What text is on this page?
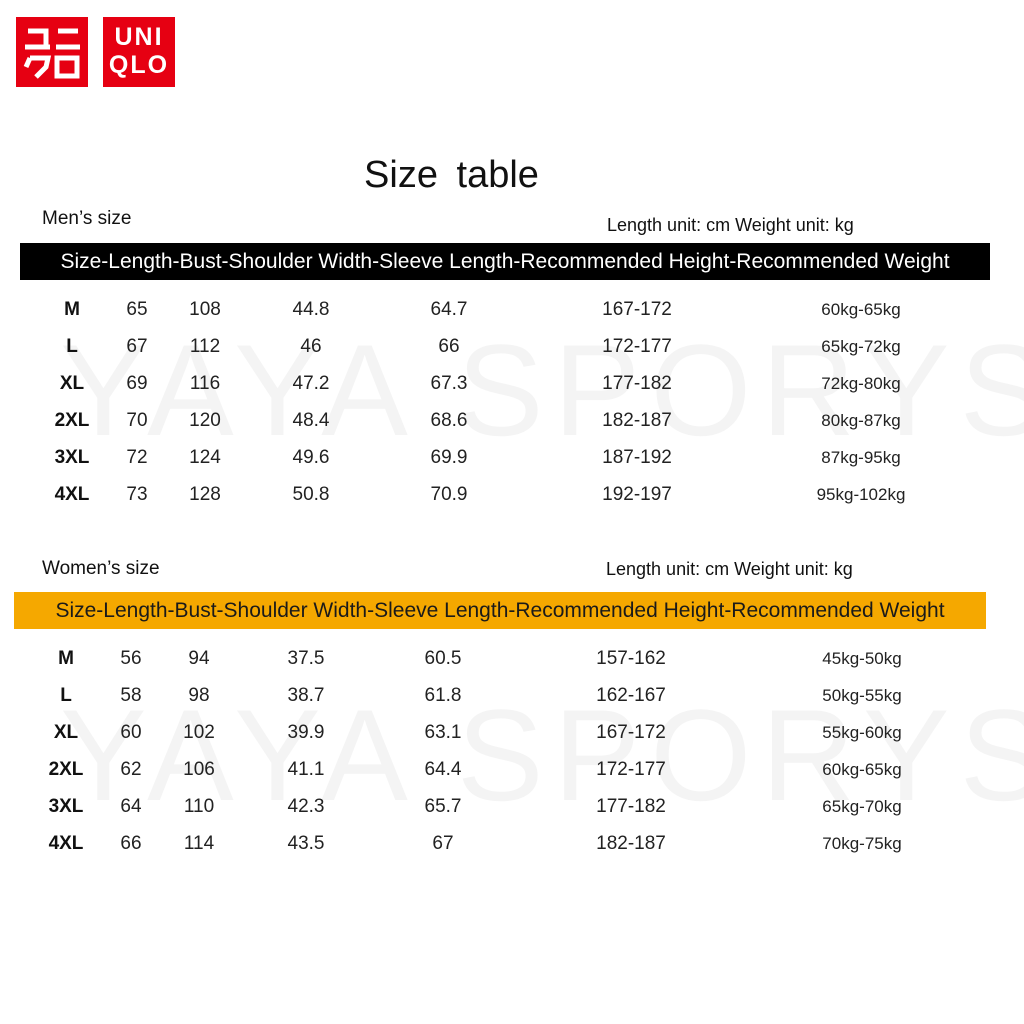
UNI
QLO
Size table
Men’s size	Length unit: cm Weight unit: kg
Size-Length-Bust-Shoulder Width-Sleeve Length-Recommended Height-Recommended Weight
M	65	108	44.8	64.7	167-172	60kg-65kg
L	67	112	46	66	172-177	65kg-72kg
XL	69	116	47.2	67.3	177-182	72kg-80kg
2XL	70	120	48.4	68.6	182-187	80kg-87kg
3XL	72	124	49.6	69.9	187-192	87kg-95kg
4XL	73	128	50.8	70.9	192-197	95kg-102kg
Women’s size	Length unit: cm Weight unit: kg
Size-Length-Bust-Shoulder Width-Sleeve Length-Recommended Height-Recommended Weight
M	56	94	37.5	60.5	157-162	45kg-50kg
L	58	98	38.7	61.8	162-167	50kg-55kg
XL	60	102	39.9	63.1	167-172	55kg-60kg
2XL	62	106	41.1	64.4	172-177	60kg-65kg
3XL	64	110	42.3	65.7	177-182	65kg-70kg
4XL	66	114	43.5	67	182-187	70kg-75kg
